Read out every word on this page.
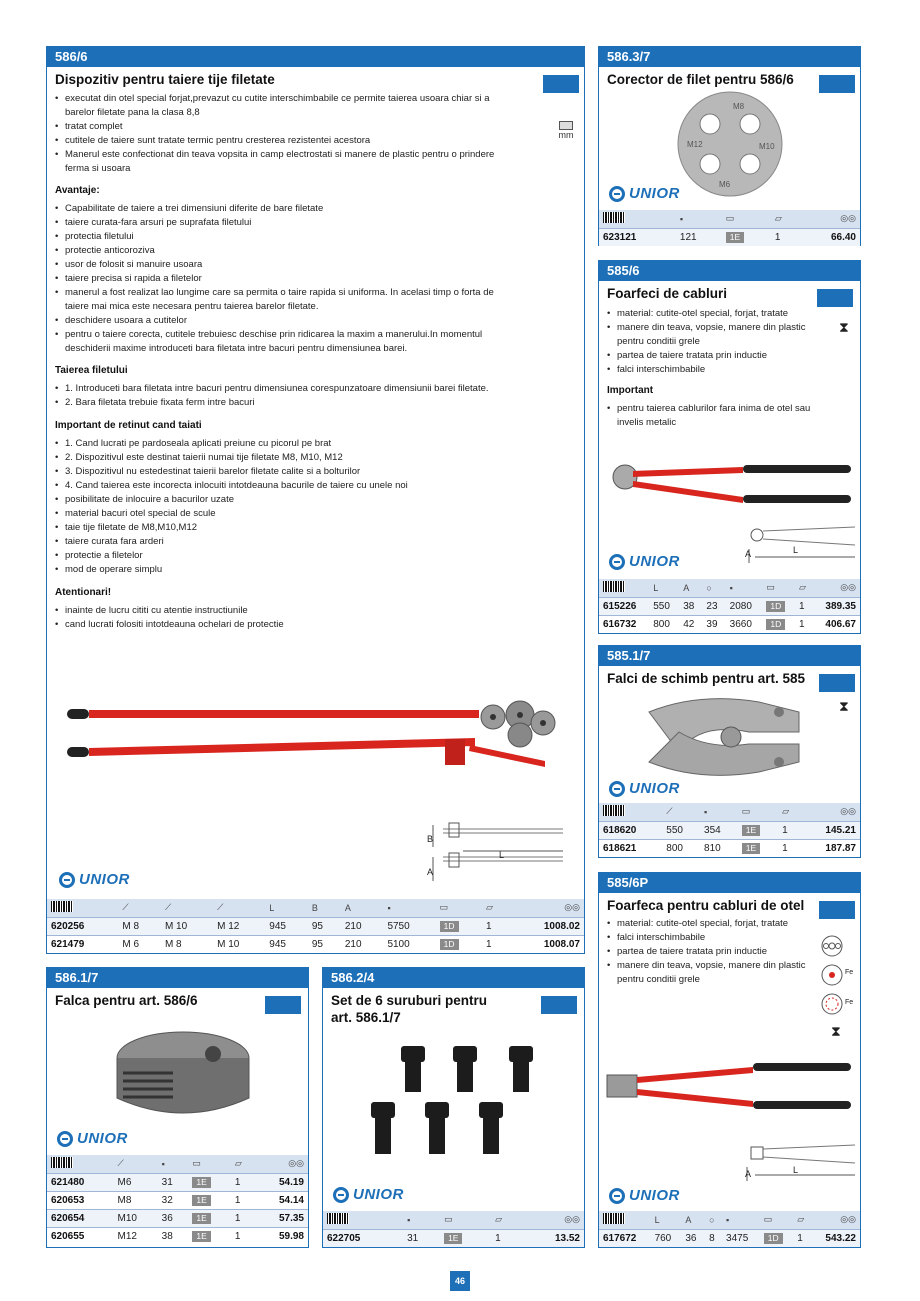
586/6
Dispozitiv pentru taiere tije filetate
mm
• executat din otel special forjat,prevazut cu cutite interschimbabile ce permite taierea usoara chiar si a barelor filetate pana la clasa 8,8
• tratat complet
• cutitele de taiere sunt tratate termic pentru cresterea rezistentei acestora
• Manerul este confectionat din teava vopsita in camp electrostati si manere de plastic pentru o prindere ferma si usoara
Avantaje:
• Capabilitate de taiere a trei dimensiuni diferite de bare filetate
• taiere curata-fara arsuri pe suprafata filetului
• protectia filetului
• protectie anticoroziva
• usor de folosit si manuire usoara
• taiere precisa si rapida a filetelor
• manerul a fost realizat lao lungime care sa permita o taire rapida si uniforma. In acelasi timp o forta de taiere mai mica este necesara pentru taierea barelor filetate.
• deschidere usoara a cutitelor
• pentru o taiere corecta, cutitele trebuiesc deschise prin ridicarea la maxim a manerului.In momentul deschiderii maxime introduceti bara filetata intre bacuri pentru dimensiunea barei.
Taierea filetului
• 1. Introduceti bara filetata intre bacuri pentru dimensiunea corespunzatoare dimensiunii barei filetate.
• 2. Bara filetata trebuie fixata ferm intre bacuri
Important de retinut cand taiati
• 1. Cand lucrati pe pardoseala aplicati preiune cu picorul pe brat
• 2. Dispozitivul este destinat taierii numai tije filetate M8, M10, M12
• 3. Dispozitivul nu estedestinat taierii barelor filetate calite si a bolturilor
• 4. Cand taierea este incorecta inlocuiti intotdeauna bacurile de taiere cu unele noi
• posibilitate de inlocuire a bacurilor uzate
• material bacuri otel special de scule
• taie tije filetate de M8,M10,M12
• taiere curata fara arderi
• protectie a filetelor
• mod de operare simplu
Atentionari!
• inainte de lucru cititi cu atentie instructiunile
• cand lucrati folositi intotdeauna ochelari de protectie
B
L
A
UNIOR
	⟋	⟋	⟋	L	B	A	▪	▭	▱	◎◎
620256	M 8	M 10	M 12	945	95	210	5750	1D	1	1008.02
621479	M 6	M 8	M 10	945	95	210	5100	1D	1	1008.07
586.3/7
Corector de filet pentru 586/6
M8
M12	M10
M6
UNIOR
	▪	▭	▱	◎◎
623121	121	1E	1	66.40
585/6
Foarfeci de cabluri
⧗
• material: cutite-otel special, forjat, tratate
• manere din teava, vopsie, manere din plastic pentru conditii grele
• partea de taiere tratata prin inductie
• falci interschimbabile
Important
• pentru taierea cablurilor fara inima de otel sau invelis metalic
A	L
UNIOR
	L	A	○	▪	▭	▱	◎◎
615226	550	38	23	2080	1D	1	389.35
616732	800	42	39	3660	1D	1	406.67
585.1/7
Falci de schimb pentru art. 585
⧗
UNIOR
	⟋	▪	▭	▱	◎◎
618620	550	354	1E	1	145.21
618621	800	810	1E	1	187.87
585/6P
Foarfeca pentru cabluri de otel
• material: cutite-otel special, forjat, tratate
• falci interschimbabile
• partea de taiere tratata prin inductie
• manere din teava, vopsie, manere din plastic pentru conditii grele
Fe
Fe
⧗
A	L
UNIOR
	L	A	○	▪	▭	▱	◎◎
617672	760	36	8	3475	1D	1	543.22
586.1/7
Falca pentru art. 586/6
UNIOR
	⟋	▪	▭	▱	◎◎
621480	M6	31	1E	1	54.19
620653	M8	32	1E	1	54.14
620654	M10	36	1E	1	57.35
620655	M12	38	1E	1	59.98
586.2/4
Set de 6 suruburi pentru art. 586.1/7
UNIOR
	▪	▭	▱	◎◎
622705	31	1E	1	13.52
46
